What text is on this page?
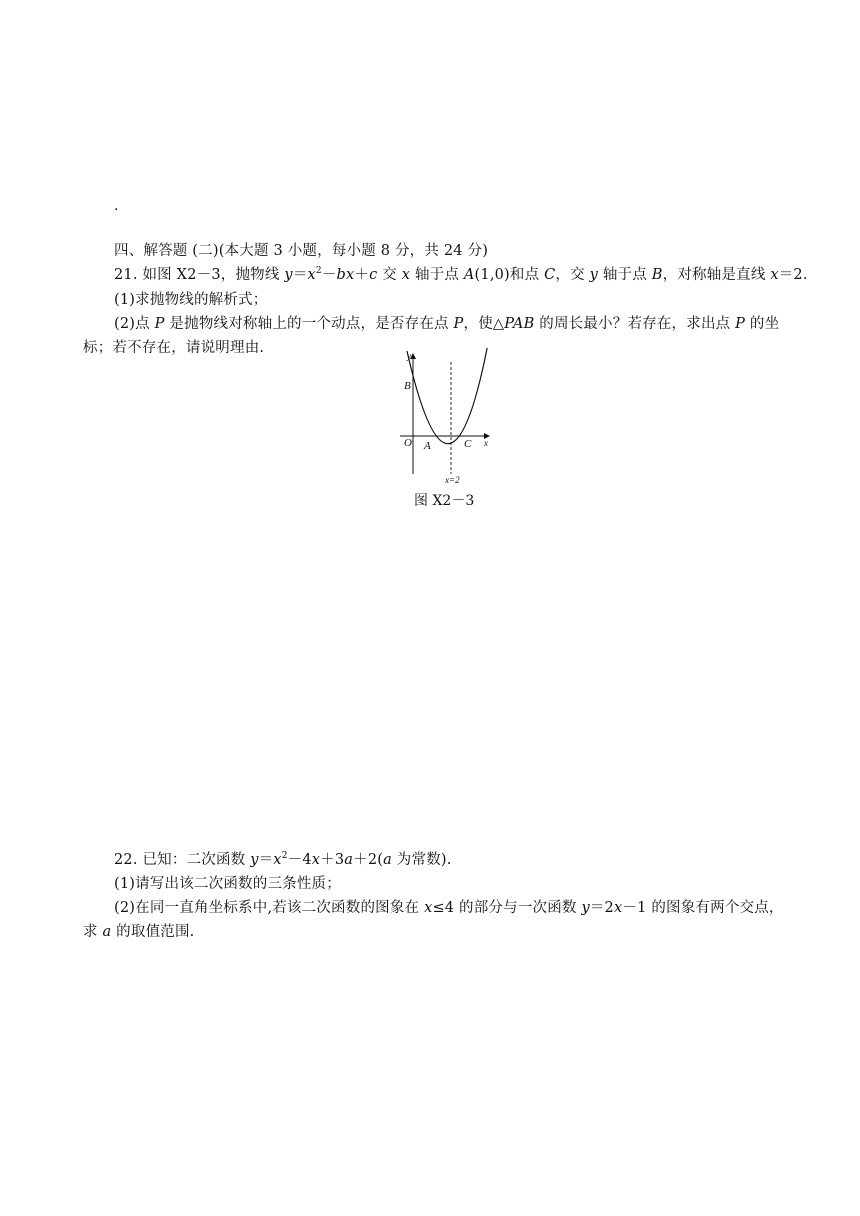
.
四、解答题 (二)(本大题 3 小题，每小题 8 分，共 24 分)
21. 如图 X2－3，抛物线 $y=x^2-bx+c$ 交 x 轴于点 A(1,0)和点 C，交 y 轴于点 B，对称轴是直线 x＝2.
(1)求抛物线的解析式；
(2)点 P 是抛物线对称轴上的一个动点，是否存在点 P，使△PAB 的周长最小？若存在，求出点 P 的坐
标；若不存在，请说明理由.	y
x
B
O A	C
x=2
图 X2－3
22. 已知：二次函数 $y=x^2-4x+3a+2(a$ 为常数).
(1)请写出该二次函数的三条性质；
(2)在同一直角坐标系中,若该二次函数的图象在 x≤4 的部分与一次函数 y＝2x－1 的图象有两个交点，
求 a 的取值范围.
